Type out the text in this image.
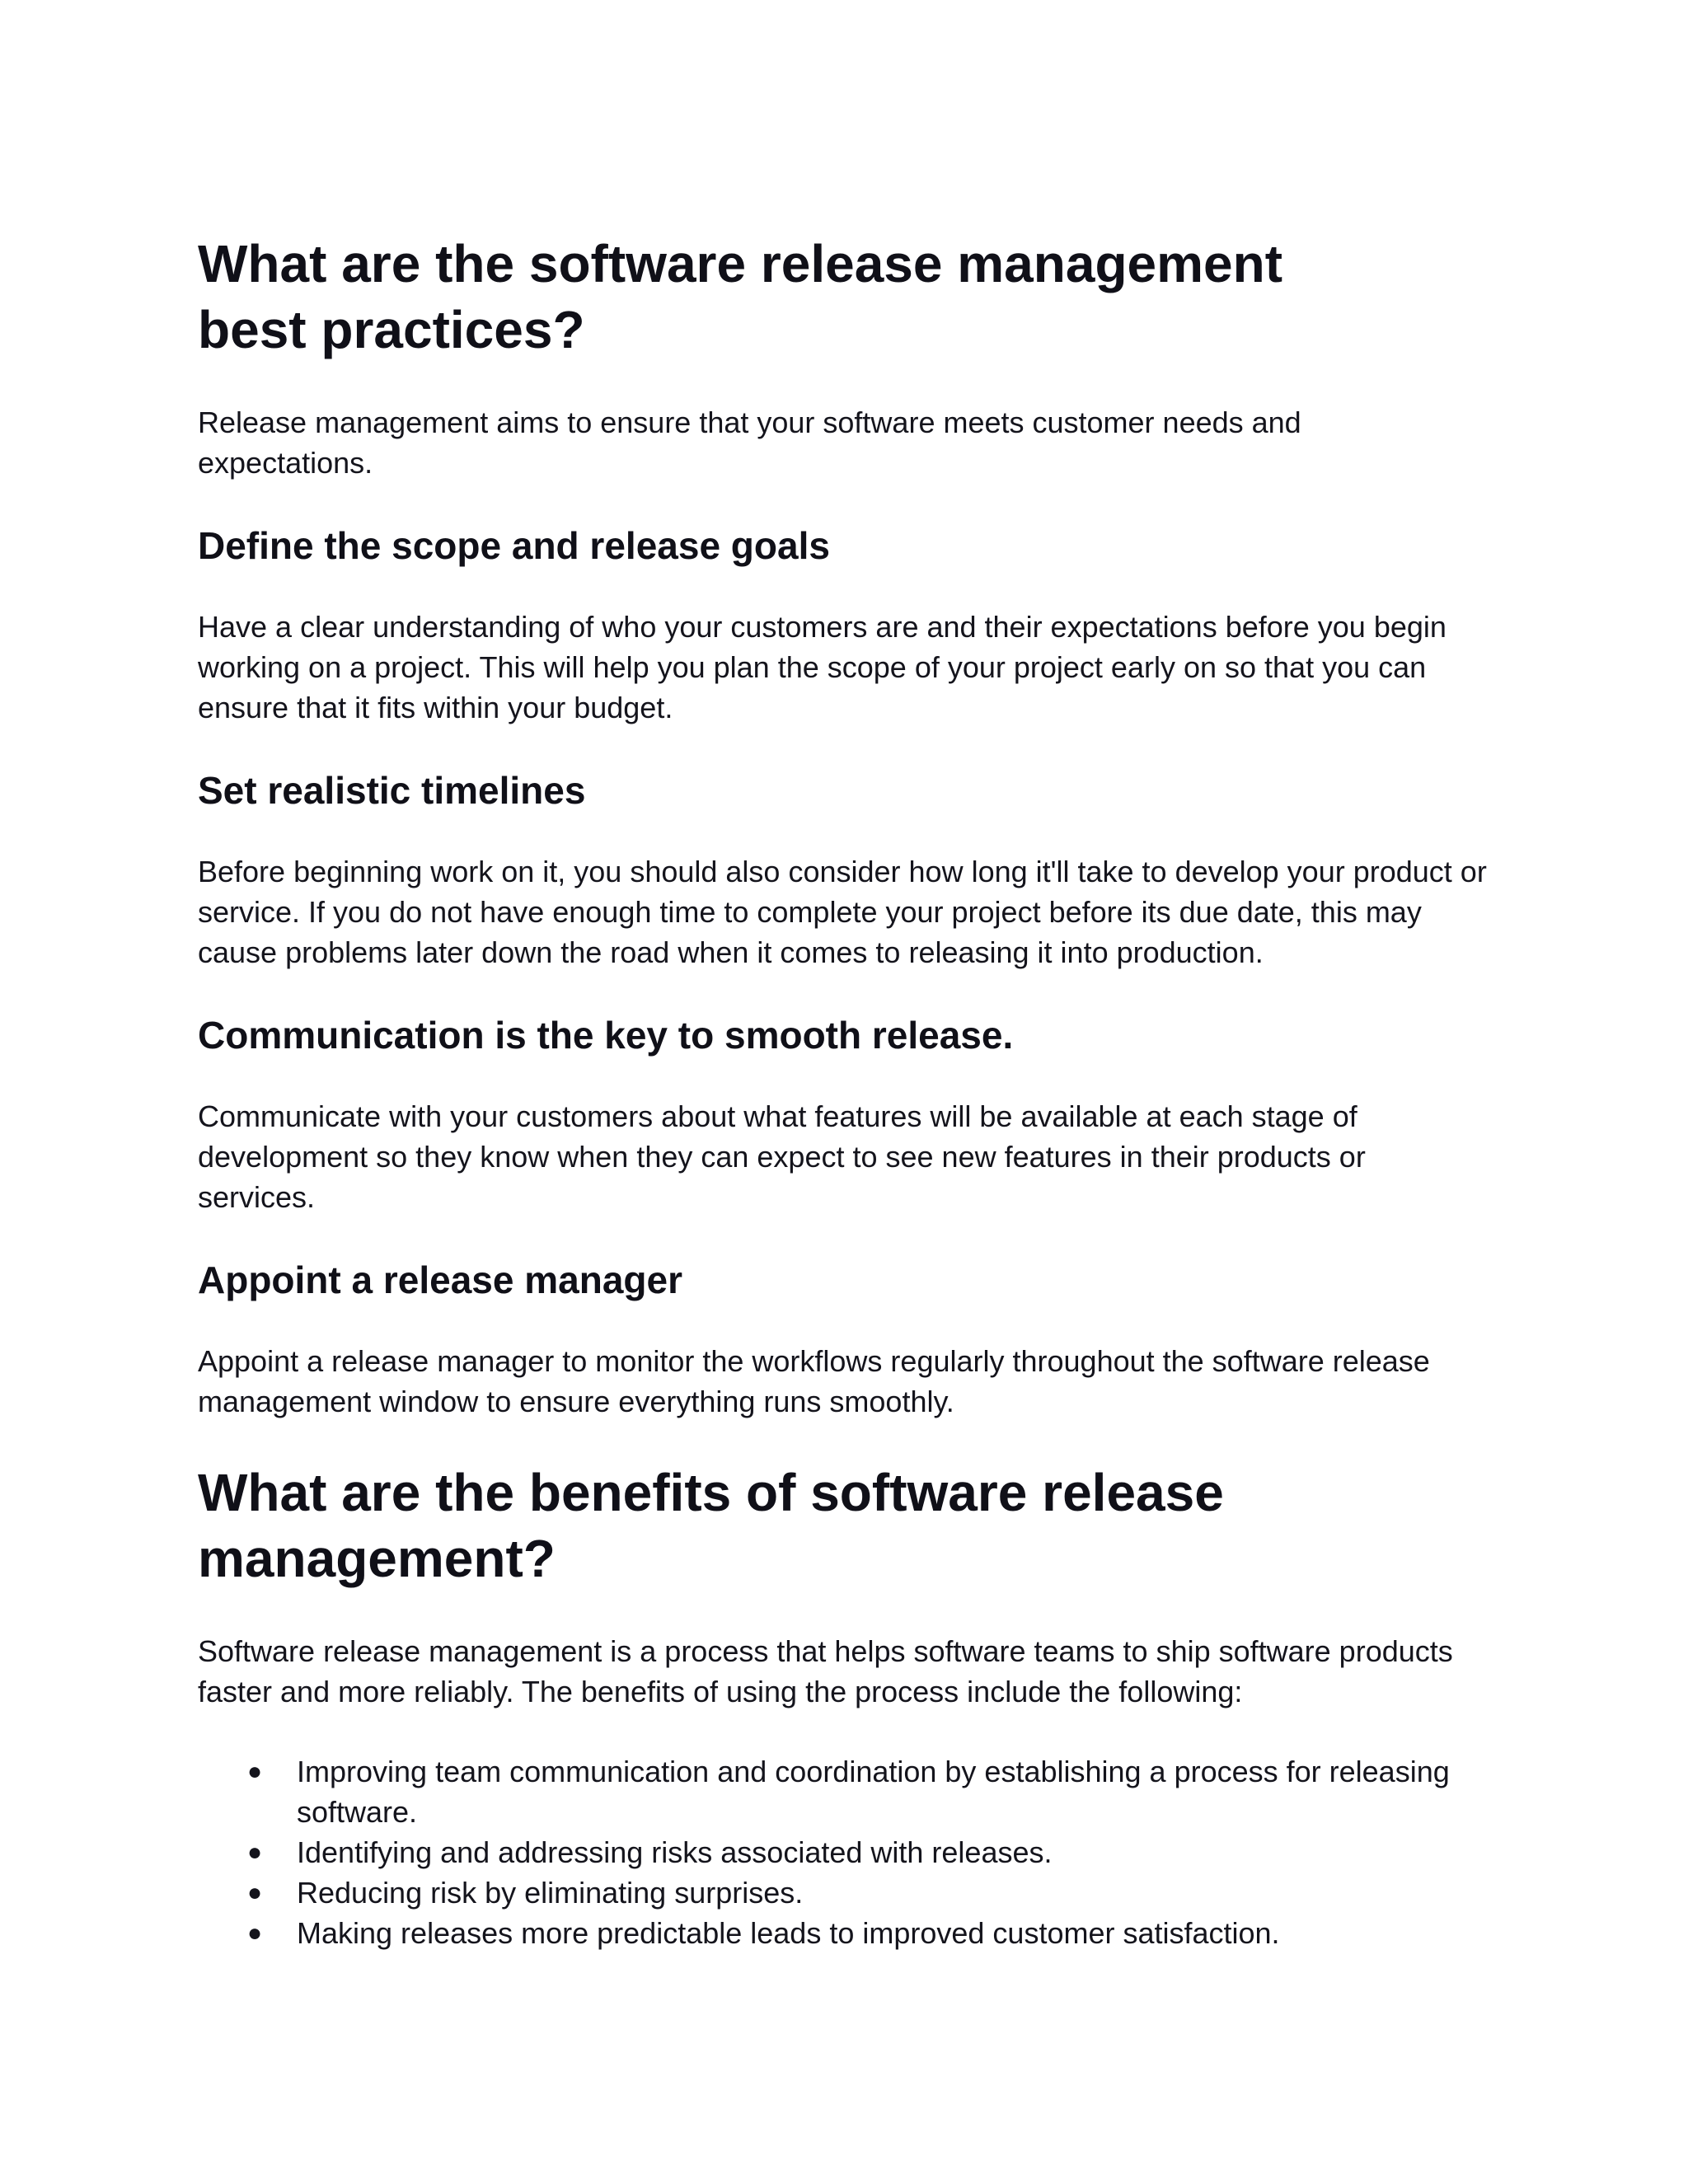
What are the software release management best practices?

Release management aims to ensure that your software meets customer needs and expectations.

Define the scope and release goals

Have a clear understanding of who your customers are and their expectations before you begin working on a project. This will help you plan the scope of your project early on so that you can ensure that it fits within your budget.

Set realistic timelines

Before beginning work on it, you should also consider how long it'll take to develop your product or service. If you do not have enough time to complete your project before its due date, this may cause problems later down the road when it comes to releasing it into production.

Communication is the key to smooth release.

Communicate with your customers about what features will be available at each stage of development so they know when they can expect to see new features in their products or services.

Appoint a release manager

Appoint a release manager to monitor the workflows regularly throughout the software release management window to ensure everything runs smoothly.

What are the benefits of software release management?

Software release management is a process that helps software teams to ship software products faster and more reliably. The benefits of using the process include the following:

● Improving team communication and coordination by establishing a process for releasing software.
● Identifying and addressing risks associated with releases.
● Reducing risk by eliminating surprises.
● Making releases more predictable leads to improved customer satisfaction.
